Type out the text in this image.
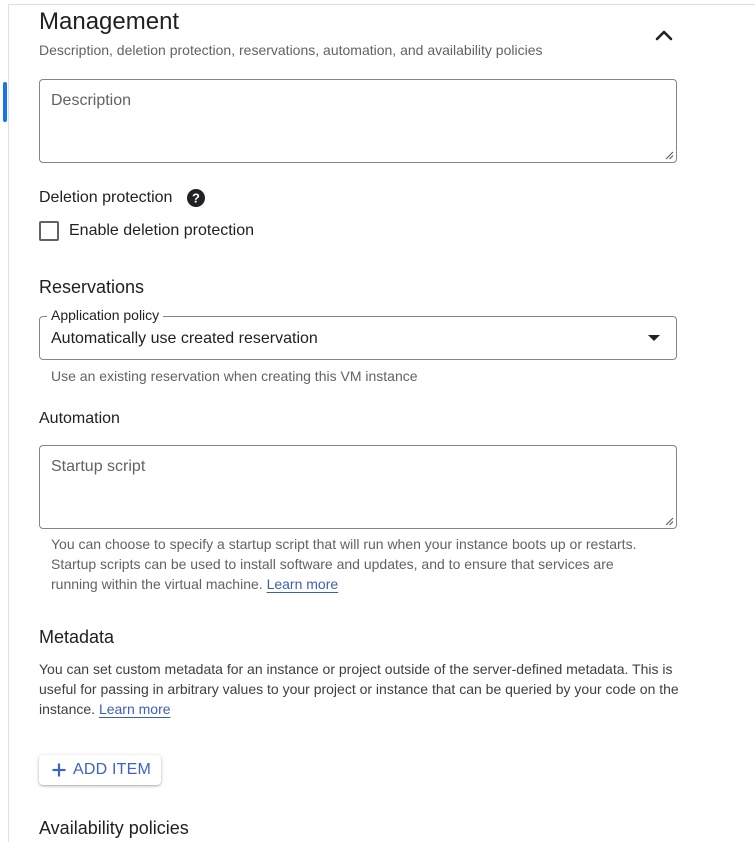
Management
Description, deletion protection, reservations, automation, and availability policies
Description
Deletion protection ?
Enable deletion protection
Reservations
Application policy
Automatically use created reservation
Use an existing reservation when creating this VM instance
Automation
Startup script
You can choose to specify a startup script that will run when your instance boots up or restarts. Startup scripts can be used to install software and updates, and to ensure that services are running within the virtual machine. Learn more
Metadata
You can set custom metadata for an instance or project outside of the server-defined metadata. This is useful for passing in arbitrary values to your project or instance that can be queried by your code on the instance. Learn more
ADD ITEM
Availability policies
